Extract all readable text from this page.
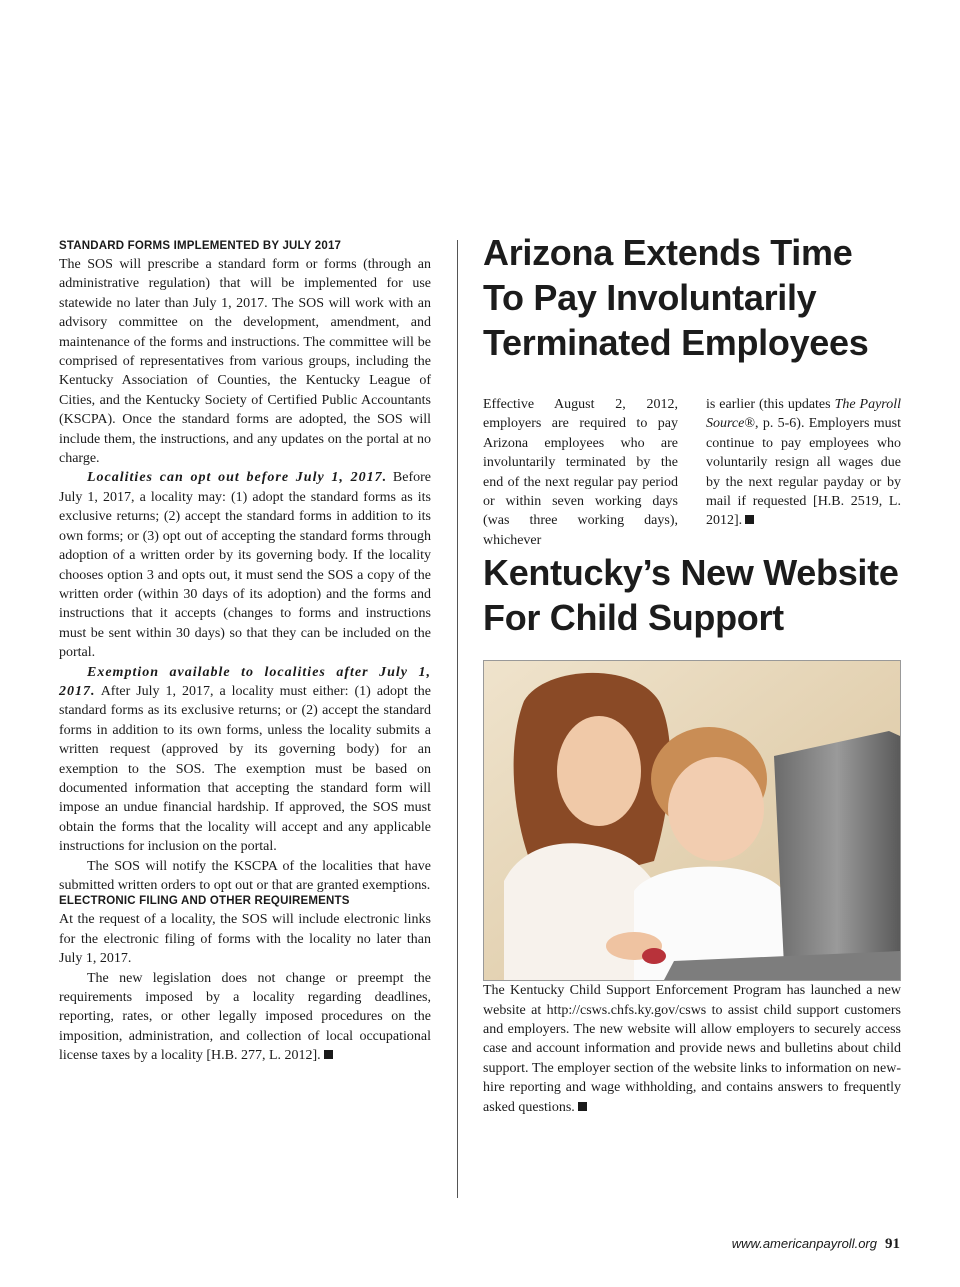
STANDARD FORMS IMPLEMENTED BY JULY 2017

The SOS will prescribe a standard form or forms (through an administrative regulation) that will be implemented for use statewide no later than July 1, 2017. The SOS will work with an advisory committee on the development, amendment, and maintenance of the forms and instructions. The committee will be comprised of representatives from various groups, including the Kentucky Association of Counties, the Kentucky League of Cities, and the Kentucky Society of Certified Public Accountants (KSCPA). Once the standard forms are adopted, the SOS will include them, the instructions, and any updates on the portal at no charge.

Localities can opt out before July 1, 2017. Before July 1, 2017, a locality may: (1) adopt the standard forms as its exclusive returns; (2) accept the standard forms in addition to its own forms; or (3) opt out of accepting the standard forms through adoption of a written order by its governing body. If the locality chooses option 3 and opts out, it must send the SOS a copy of the written order (within 30 days of its adoption) and the forms and instructions that it accepts (changes to forms and instructions must be sent within 30 days) so that they can be included on the portal.

Exemption available to localities after July 1, 2017. After July 1, 2017, a locality must either: (1) adopt the standard forms as its exclusive returns; or (2) accept the standard forms in addition to its own forms, unless the locality submits a written request (approved by its governing body) for an exemption to the SOS. The exemption must be based on documented information that accepting the standard form will impose an undue financial hardship. If approved, the SOS must obtain the forms that the locality will accept and any applicable instructions for inclusion on the portal.

The SOS will notify the KSCPA of the localities that have submitted written orders to opt out or that are granted exemptions.

ELECTRONIC FILING AND OTHER REQUIREMENTS

At the request of a locality, the SOS will include electronic links for the electronic filing of forms with the locality no later than July 1, 2017.

The new legislation does not change or preempt the requirements imposed by a locality regarding deadlines, reporting, rates, or other legally imposed procedures on the imposition, administration, and collection of local occupational license taxes by a locality [H.B. 277, L. 2012].

Arizona Extends Time To Pay Involuntarily Terminated Employees

Effective August 2, 2012, employers are required to pay Arizona employees who are involuntarily terminated by the end of the next regular pay period or within seven working days (was three working days), whichever

is earlier (this updates The Payroll Source®, p. 5-6). Employers must continue to pay employees who voluntarily resign all wages due by the next regular payday or by mail if requested [H.B. 2519, L. 2012].

Kentucky’s New Website For Child Support

The Kentucky Child Support Enforcement Program has launched a new website at http://csws.chfs.ky.gov/csws to assist child support customers and employers. The new website will allow employers to securely access case and account information and provide news and bulletins about child support. The employer section of the website links to information on new-hire reporting and wage withholding, and contains answers to frequently asked questions.

www.americanpayroll.org 91
